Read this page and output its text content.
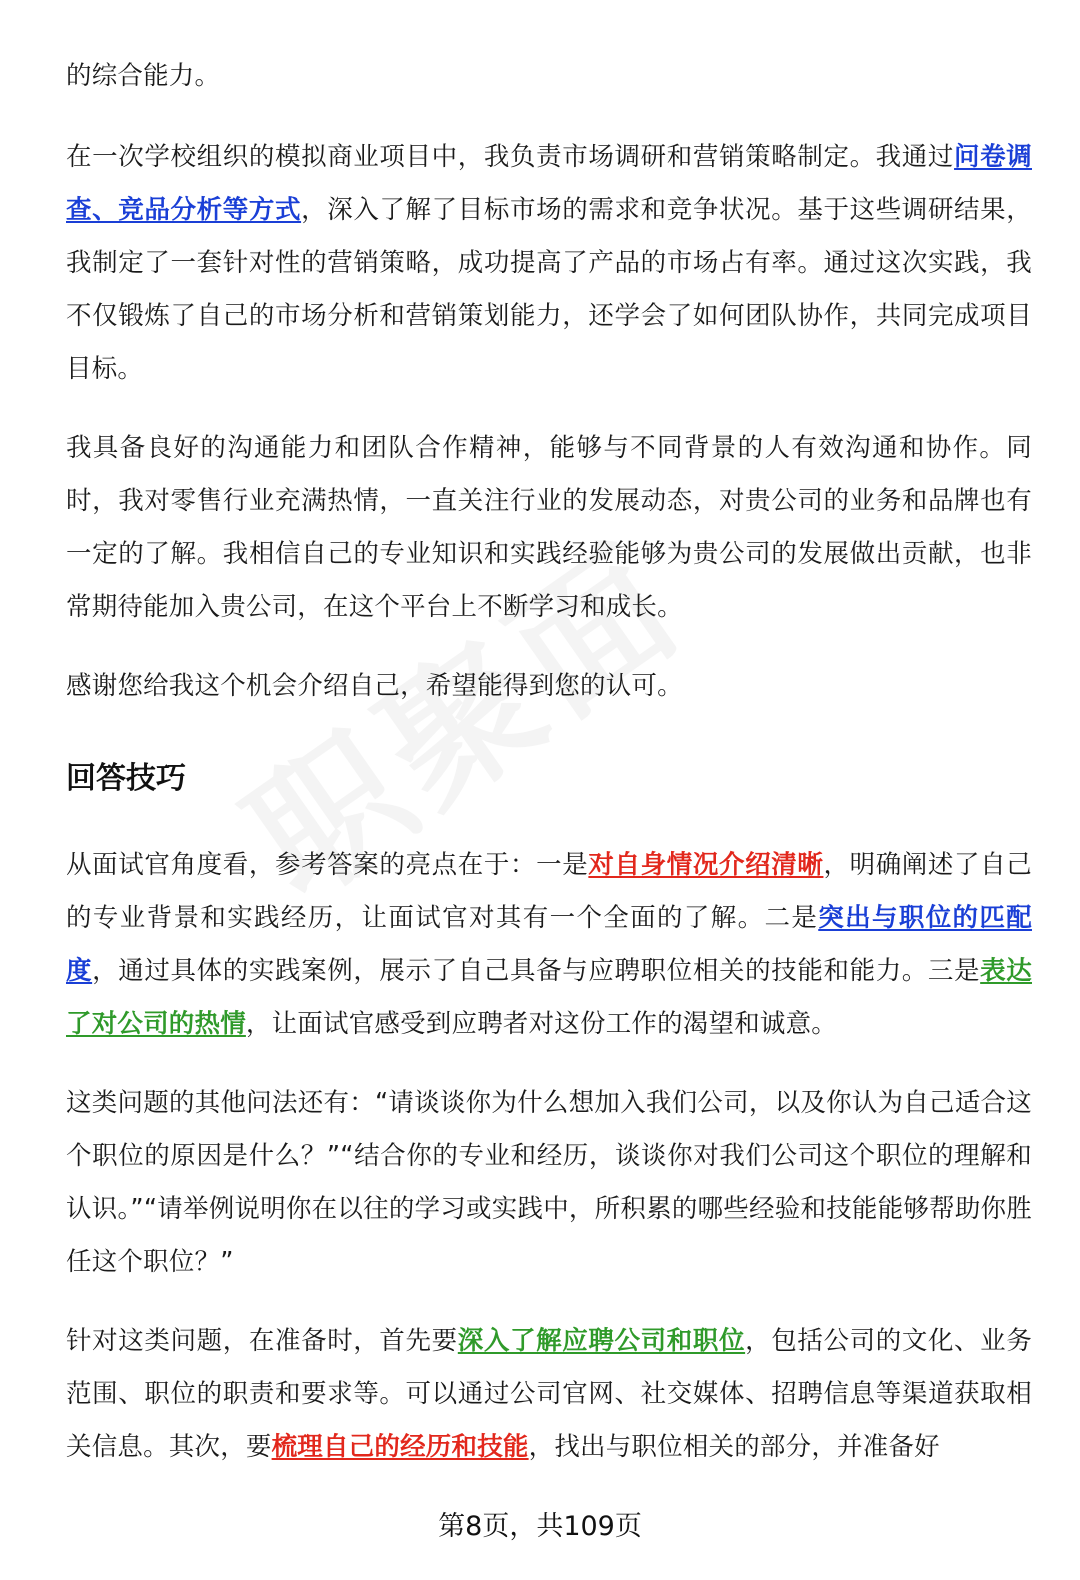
的综合能力。

在一次学校组织的模拟商业项目中，我负责市场调研和营销策略制定。我通过问卷调查、竞品分析等方式，深入了解了目标市场的需求和竞争状况。基于这些调研结果，我制定了一套针对性的营销策略，成功提高了产品的市场占有率。通过这次实践，我不仅锻炼了自己的市场分析和营销策划能力，还学会了如何团队协作，共同完成项目目标。

我具备良好的沟通能力和团队合作精神，能够与不同背景的人有效沟通和协作。同时，我对零售行业充满热情，一直关注行业的发展动态，对贵公司的业务和品牌也有一定的了解。我相信自己的专业知识和实践经验能够为贵公司的发展做出贡献，也非常期待能加入贵公司，在这个平台上不断学习和成长。

感谢您给我这个机会介绍自己，希望能得到您的认可。

回答技巧

从面试官角度看，参考答案的亮点在于：一是对自身情况介绍清晰，明确阐述了自己的专业背景和实践经历，让面试官对其有一个全面的了解。二是突出与职位的匹配度，通过具体的实践案例，展示了自己具备与应聘职位相关的技能和能力。三是表达了对公司的热情，让面试官感受到应聘者对这份工作的渴望和诚意。

这类问题的其他问法还有：“请谈谈你为什么想加入我们公司，以及你认为自己适合这个职位的原因是什么？”“结合你的专业和经历，谈谈你对我们公司这个职位的理解和认识。”“请举例说明你在以往的学习或实践中，所积累的哪些经验和技能能够帮助你胜任这个职位？”

针对这类问题，在准备时，首先要深入了解应聘公司和职位，包括公司的文化、业务范围、职位的职责和要求等。可以通过公司官网、社交媒体、招聘信息等渠道获取相关信息。其次，要梳理自己的经历和技能，找出与职位相关的部分，并准备好

第8页，共109页
